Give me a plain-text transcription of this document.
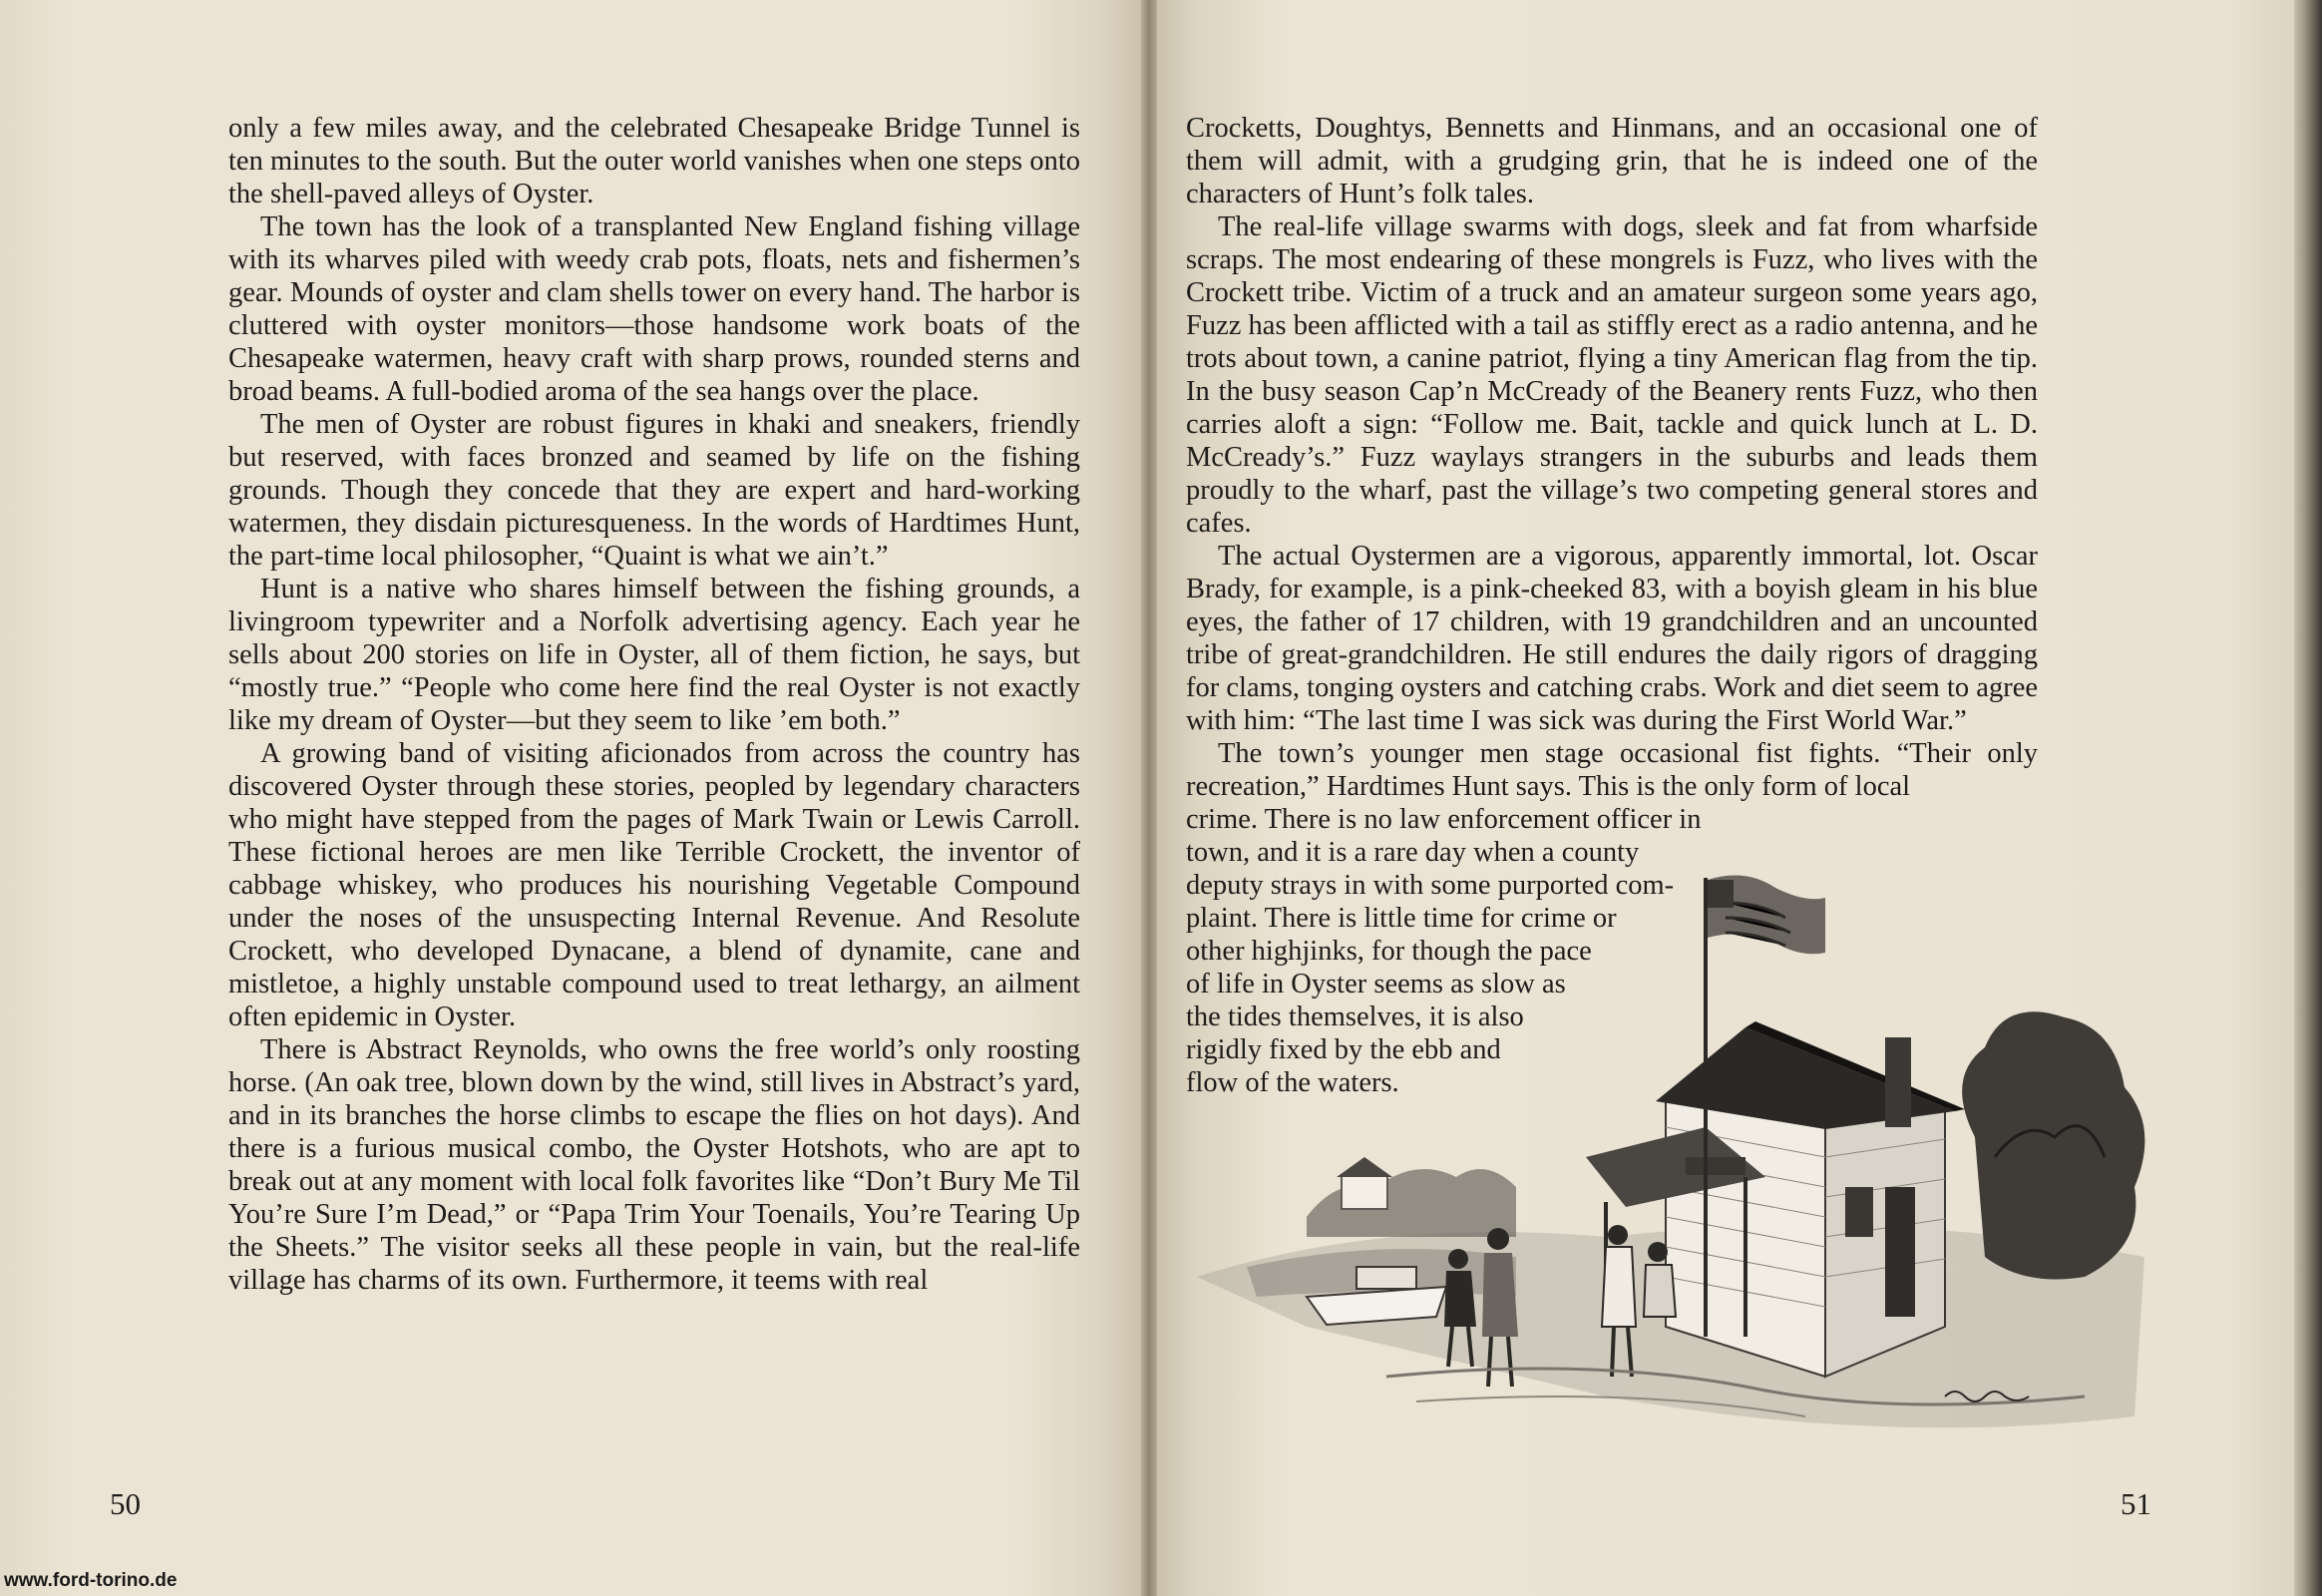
only a few miles away, and the celebrated Chesapeake Bridge Tunnel is ten minutes to the south. But the outer world vanishes when one steps onto the shell-paved alleys of Oyster.

The town has the look of a transplanted New England fishing village with its wharves piled with weedy crab pots, floats, nets and fishermen’s gear. Mounds of oyster and clam shells tower on every hand. The harbor is cluttered with oyster monitors—those handsome work boats of the Chesapeake watermen, heavy craft with sharp prows, rounded sterns and broad beams. A full-bodied aroma of the sea hangs over the place.

The men of Oyster are robust figures in khaki and sneakers, friendly but reserved, with faces bronzed and seamed by life on the fishing grounds. Though they concede that they are expert and hard-working watermen, they disdain picturesqueness. In the words of Hardtimes Hunt, the part-time local philosopher, “Quaint is what we ain’t.”

Hunt is a native who shares himself between the fishing grounds, a livingroom typewriter and a Norfolk advertising agency. Each year he sells about 200 stories on life in Oyster, all of them fiction, he says, but “mostly true.” “People who come here find the real Oyster is not exactly like my dream of Oyster—but they seem to like ’em both.”

A growing band of visiting aficionados from across the country has discovered Oyster through these stories, peopled by legendary characters who might have stepped from the pages of Mark Twain or Lewis Carroll. These fictional heroes are men like Terrible Crockett, the inventor of cabbage whiskey, who produces his nourishing Vegetable Compound under the noses of the unsuspecting Internal Revenue. And Resolute Crockett, who developed Dynacane, a blend of dynamite, cane and mistletoe, a highly unstable compound used to treat lethargy, an ailment often epidemic in Oyster.

There is Abstract Reynolds, who owns the free world’s only roosting horse. (An oak tree, blown down by the wind, still lives in Abstract’s yard, and in its branches the horse climbs to escape the flies on hot days). And there is a furious musical combo, the Oyster Hotshots, who are apt to break out at any moment with local folk favorites like “Don’t Bury Me Til You’re Sure I’m Dead,” or “Papa Trim Your Toenails, You’re Tearing Up the Sheets.” The visitor seeks all these people in vain, but the real-life village has charms of its own. Furthermore, it teems with real

50

Crocketts, Doughtys, Bennetts and Hinmans, and an occasional one of them will admit, with a grudging grin, that he is indeed one of the characters of Hunt’s folk tales.

The real-life village swarms with dogs, sleek and fat from wharfside scraps. The most endearing of these mongrels is Fuzz, who lives with the Crockett tribe. Victim of a truck and an amateur surgeon some years ago, Fuzz has been afflicted with a tail as stiffly erect as a radio antenna, and he trots about town, a canine patriot, flying a tiny American flag from the tip. In the busy season Cap’n McCready of the Beanery rents Fuzz, who then carries aloft a sign: “Follow me. Bait, tackle and quick lunch at L. D. McCready’s.” Fuzz waylays strangers in the suburbs and leads them proudly to the wharf, past the village’s two competing general stores and cafes.

The actual Oystermen are a vigorous, apparently immortal, lot. Oscar Brady, for example, is a pink-cheeked 83, with a boyish gleam in his blue eyes, the father of 17 children, with 19 grandchildren and an uncounted tribe of great-grandchildren. He still endures the daily rigors of dragging for clams, tonging oysters and catching crabs. Work and diet seem to agree with him: “The last time I was sick was during the First World War.”

The town’s younger men stage occasional fist fights. “Their only recreation,” Hardtimes Hunt says. This is the only form of local

crime. There is no law enforcement officer in
town, and it is a rare day when a county
deputy strays in with some purported com-
plaint. There is little time for crime or
other highjinks, for though the pace
of life in Oyster seems as slow as
the tides themselves, it is also
rigidly fixed by the ebb and
flow of the waters.
51
www.ford-torino.de
